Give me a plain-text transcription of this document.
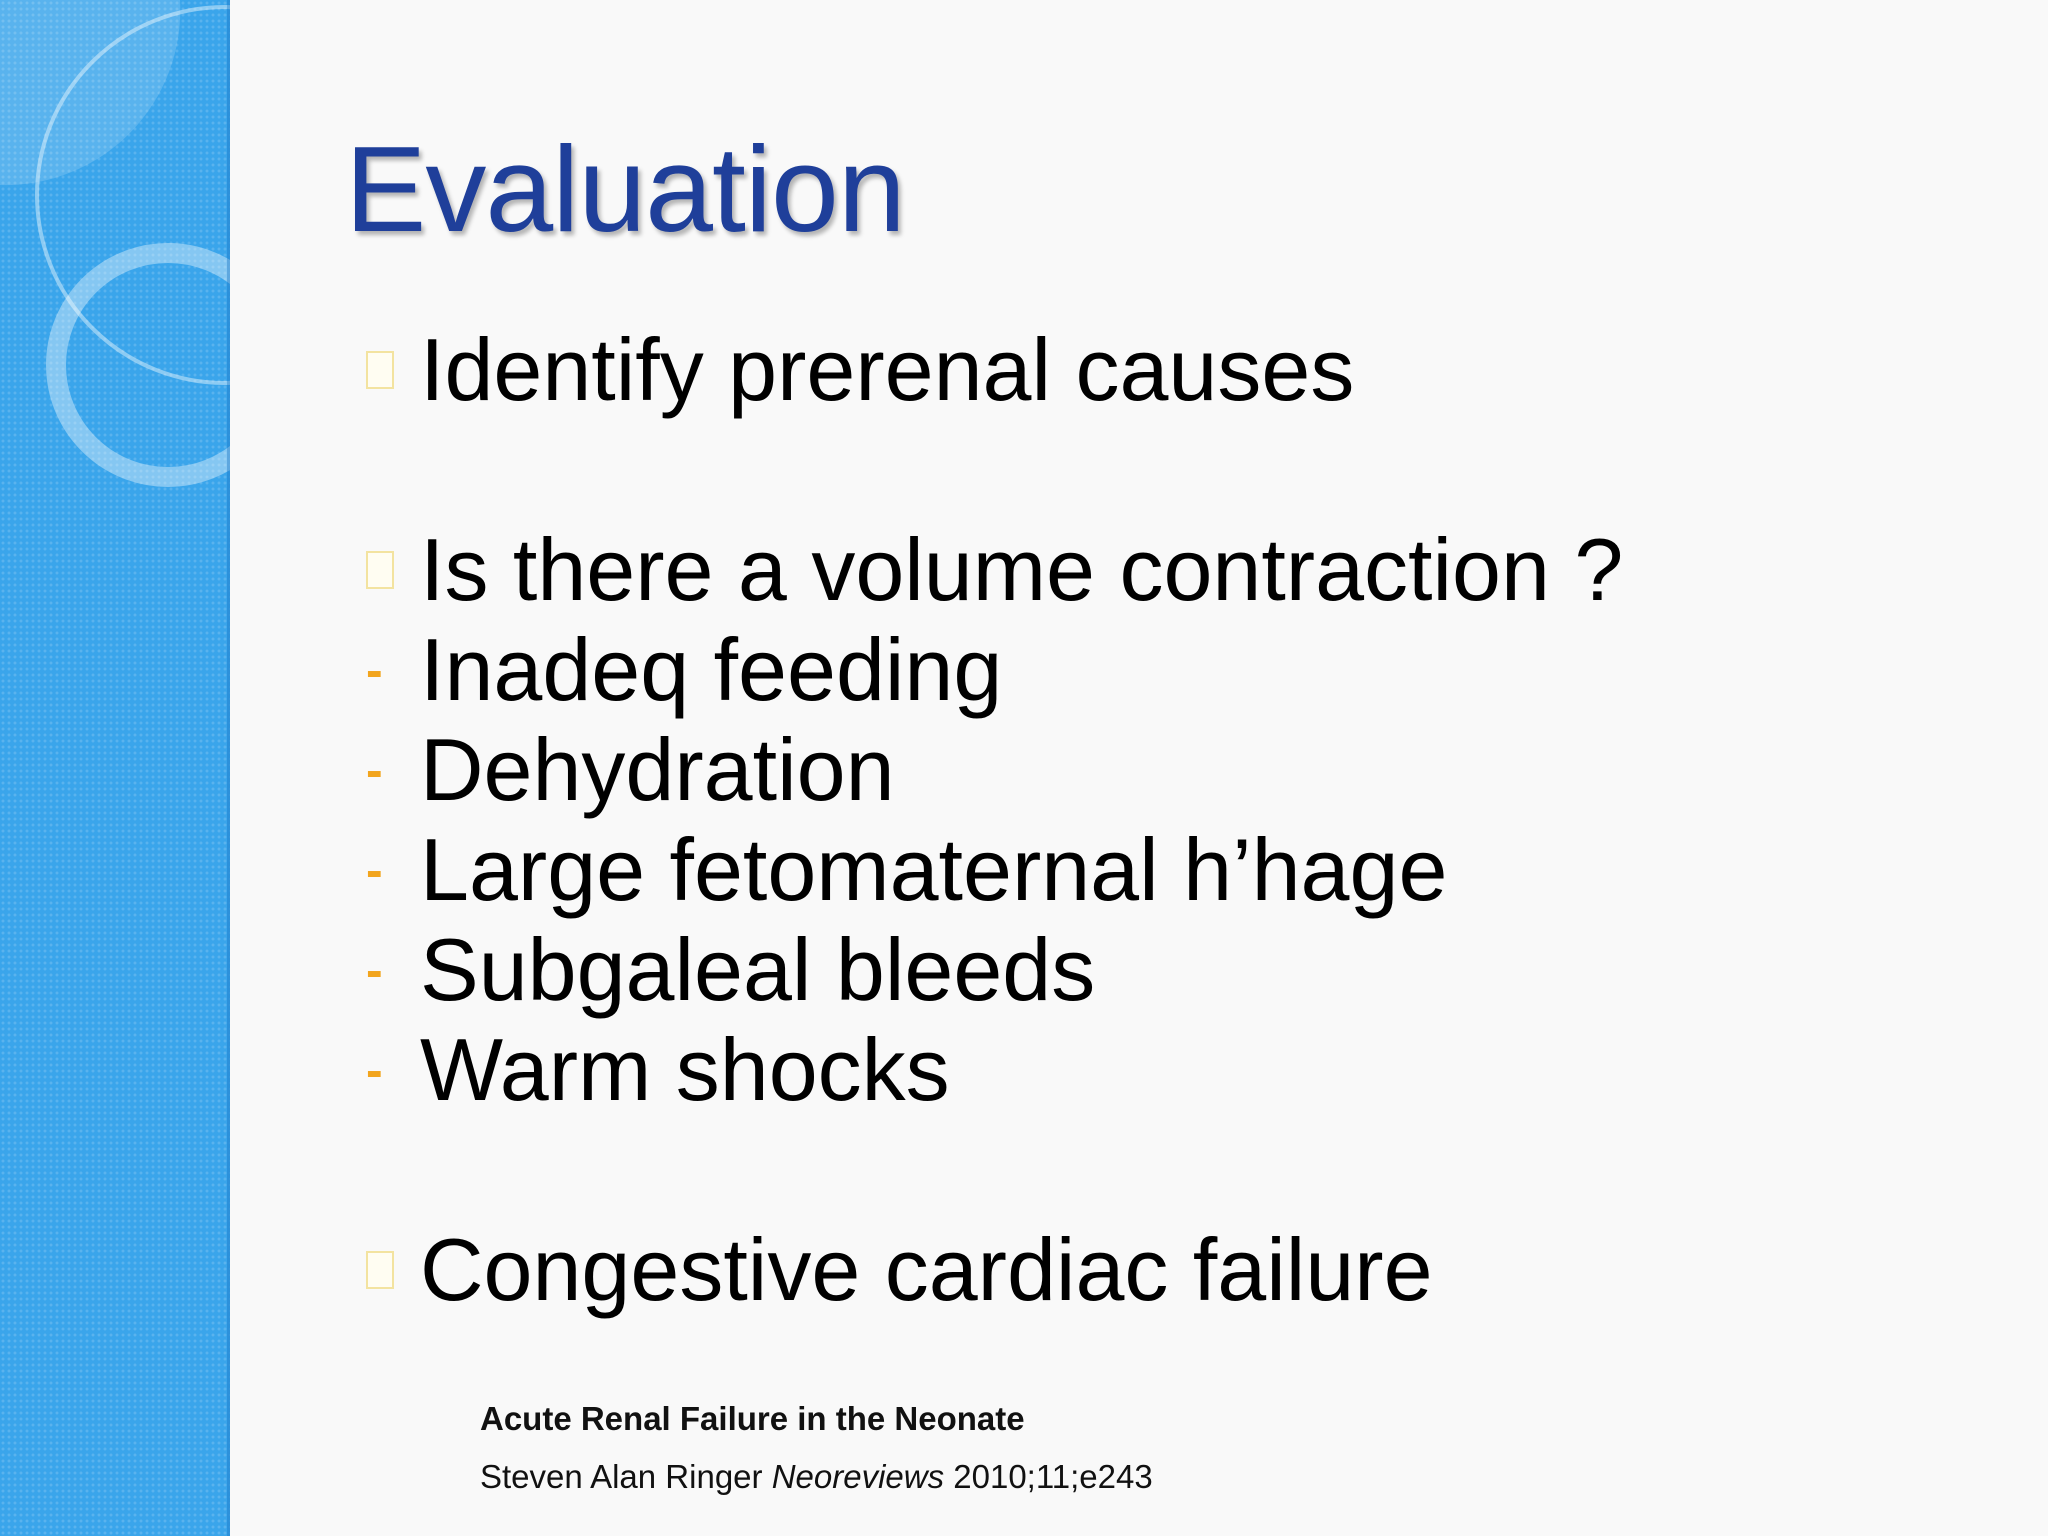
Evaluation
Identify prerenal causes
Is there a volume contraction ?
- Inadeq feeding
- Dehydration
- Large fetomaternal h’hage
- Subgaleal bleeds
- Warm shocks
Congestive cardiac failure
Acute Renal Failure in the Neonate
Steven Alan Ringer Neoreviews 2010;11;e243
